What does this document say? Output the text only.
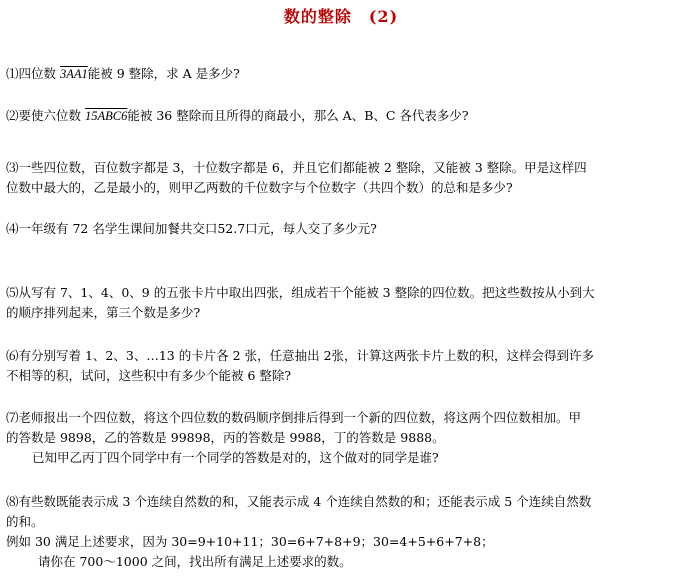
数的整除　(2)
⑴四位数 3AA1能被 9 整除，求 A 是多少?
⑵要使六位数 15ABC6能被 36 整除而且所得的商最小，那么 A、B、C 各代表多少?
⑶一些四位数，百位数字都是 3，十位数字都是 6，并且它们都能被 2 整除，又能被 3 整除。甲是这样四
位数中最大的，乙是最小的，则甲乙两数的千位数字与个位数字（共四个数）的总和是多少?
⑷一年级有 72 名学生课间加餐共交口52.7口元，每人交了多少元?
⑸从写有 7、1、4、0、9 的五张卡片中取出四张，组成若干个能被 3 整除的四位数。把这些数按从小到大
的顺序排列起来，第三个数是多少?
⑹有分别写着 1、2、3、…13 的卡片各 2 张，任意抽出 2张，计算这两张卡片上数的积，这样会得到许多
不相等的积，试问，这些积中有多少个能被 6 整除?
⑺老师报出一个四位数，将这个四位数的数码顺序倒排后得到一个新的四位数，将这两个四位数相加。甲
的答数是 9898，乙的答数是 99898，丙的答数是 9988，丁的答数是 9888。
已知甲乙丙丁四个同学中有一个同学的答数是对的，这个做对的同学是谁?
⑻有些数既能表示成 3 个连续自然数的和，又能表示成 4 个连续自然数的和；还能表示成 5 个连续自然数
的和。
例如 30 满足上述要求，因为 30=9+10+11；30=6+7+8+9；30=4+5+6+7+8；
请你在 700～1000 之间，找出所有满足上述要求的数。
